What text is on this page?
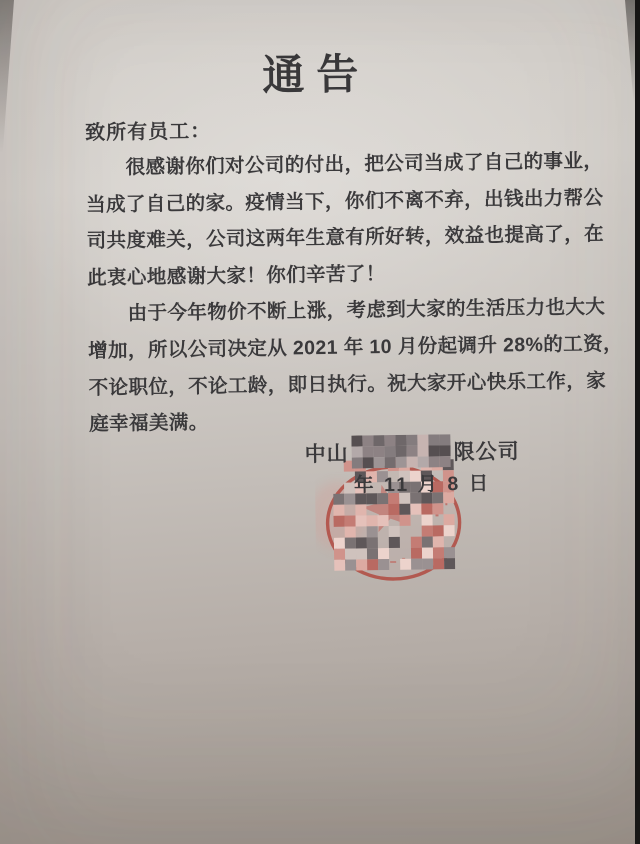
通告
致所有员工：
很感谢你们对公司的付出，把公司当成了自己的事业，
当成了自己的家。疫情当下，你们不离不弃，出钱出力帮公
司共度难关，公司这两年生意有所好转，效益也提高了，在
此衷心地感谢大家！你们辛苦了！
由于今年物价不断上涨，考虑到大家的生活压力也大大
增加，所以公司决定从 2021 年 10 月份起调升 28%的工资，
不论职位，不论工龄，即日执行。祝大家开心快乐工作，家
庭幸福美满。
中山	限公司
年 11 月 8 日
